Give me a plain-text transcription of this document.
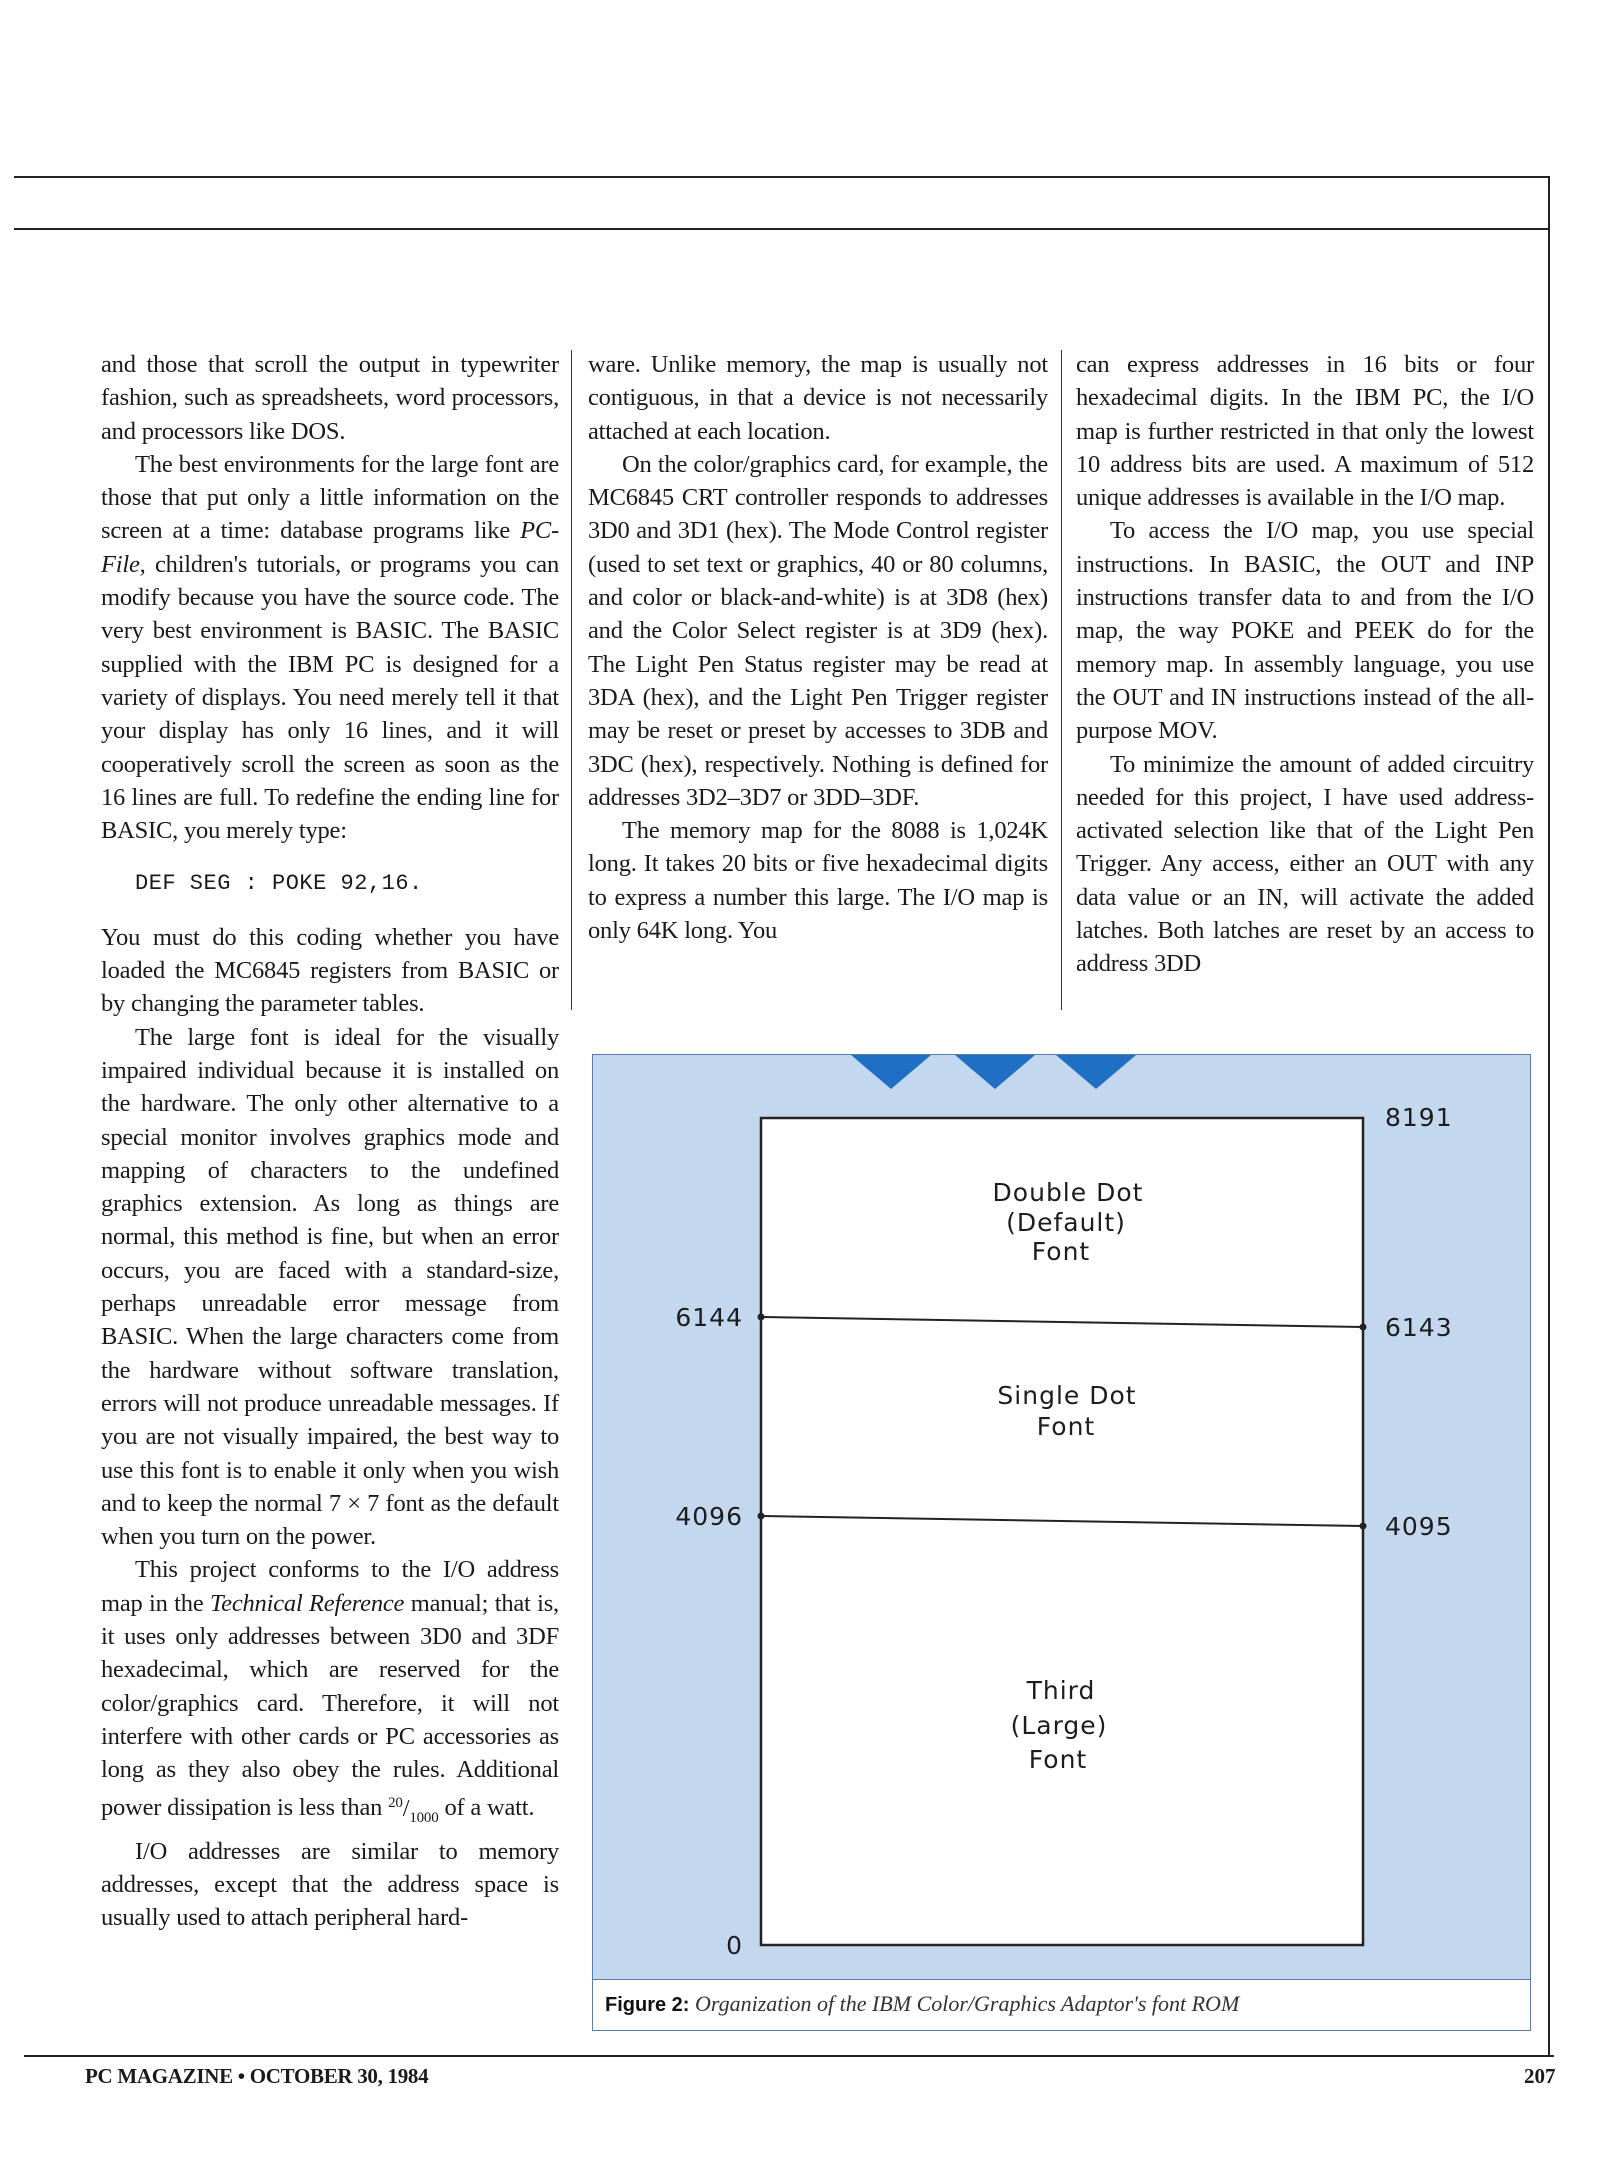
and those that scroll the output in typewriter fashion, such as spreadsheets, word processors, and processors like DOS.

The best environments for the large font are those that put only a little information on the screen at a time: database programs like PC-File, children's tutorials, or programs you can modify because you have the source code. The very best environment is BASIC. The BASIC supplied with the IBM PC is designed for a variety of displays. You need merely tell it that your display has only 16 lines, and it will cooperatively scroll the screen as soon as the 16 lines are full. To redefine the ending line for BASIC, you merely type:

DEF SEG : POKE 92,16.

You must do this coding whether you have loaded the MC6845 registers from BASIC or by changing the parameter tables.

The large font is ideal for the visually impaired individual because it is installed on the hardware. The only other alternative to a special monitor involves graphics mode and mapping of characters to the undefined graphics extension. As long as things are normal, this method is fine, but when an error occurs, you are faced with a standard-size, perhaps unreadable error message from BASIC. When the large characters come from the hardware without software translation, errors will not produce unreadable messages. If you are not visually impaired, the best way to use this font is to enable it only when you wish and to keep the normal 7 × 7 font as the default when you turn on the power.

This project conforms to the I/O address map in the Technical Reference manual; that is, it uses only addresses between 3D0 and 3DF hexadecimal, which are reserved for the color/graphics card. Therefore, it will not interfere with other cards or PC accessories as long as they also obey the rules. Additional power dissipation is less than $^{20}/_{1000}$ of a watt.

I/O addresses are similar to memory addresses, except that the address space is usually used to attach peripheral hard-

ware. Unlike memory, the map is usually not contiguous, in that a device is not necessarily attached at each location.

On the color/graphics card, for example, the MC6845 CRT controller responds to addresses 3D0 and 3D1 (hex). The Mode Control register (used to set text or graphics, 40 or 80 columns, and color or black-and-white) is at 3D8 (hex) and the Color Select register is at 3D9 (hex). The Light Pen Status register may be read at 3DA (hex), and the Light Pen Trigger register may be reset or preset by accesses to 3DB and 3DC (hex), respectively. Nothing is defined for addresses 3D2–3D7 or 3DD–3DF.

The memory map for the 8088 is 1,024K long. It takes 20 bits or five hexadecimal digits to express a number this large. The I/O map is only 64K long. You

can express addresses in 16 bits or four hexadecimal digits. In the IBM PC, the I/O map is further restricted in that only the lowest 10 address bits are used. A maximum of 512 unique addresses is available in the I/O map.

To access the I/O map, you use special instructions. In BASIC, the OUT and INP instructions transfer data to and from the I/O map, the way POKE and PEEK do for the memory map. In assembly language, you use the OUT and IN instructions instead of the all-purpose MOV.

To minimize the amount of added circuitry needed for this project, I have used address-activated selection like that of the Light Pen Trigger. Any access, either an OUT with any data value or an IN, will activate the added latches. Both latches are reset by an access to address 3DD

8191
6143
4095
6144
4096
0
Double Dot
(Default)
Font
Single Dot
Font
Third
(Large)
Font
Figure 2: Organization of the IBM Color/Graphics Adaptor's font ROM
PC MAGAZINE • OCTOBER 30, 1984	207
